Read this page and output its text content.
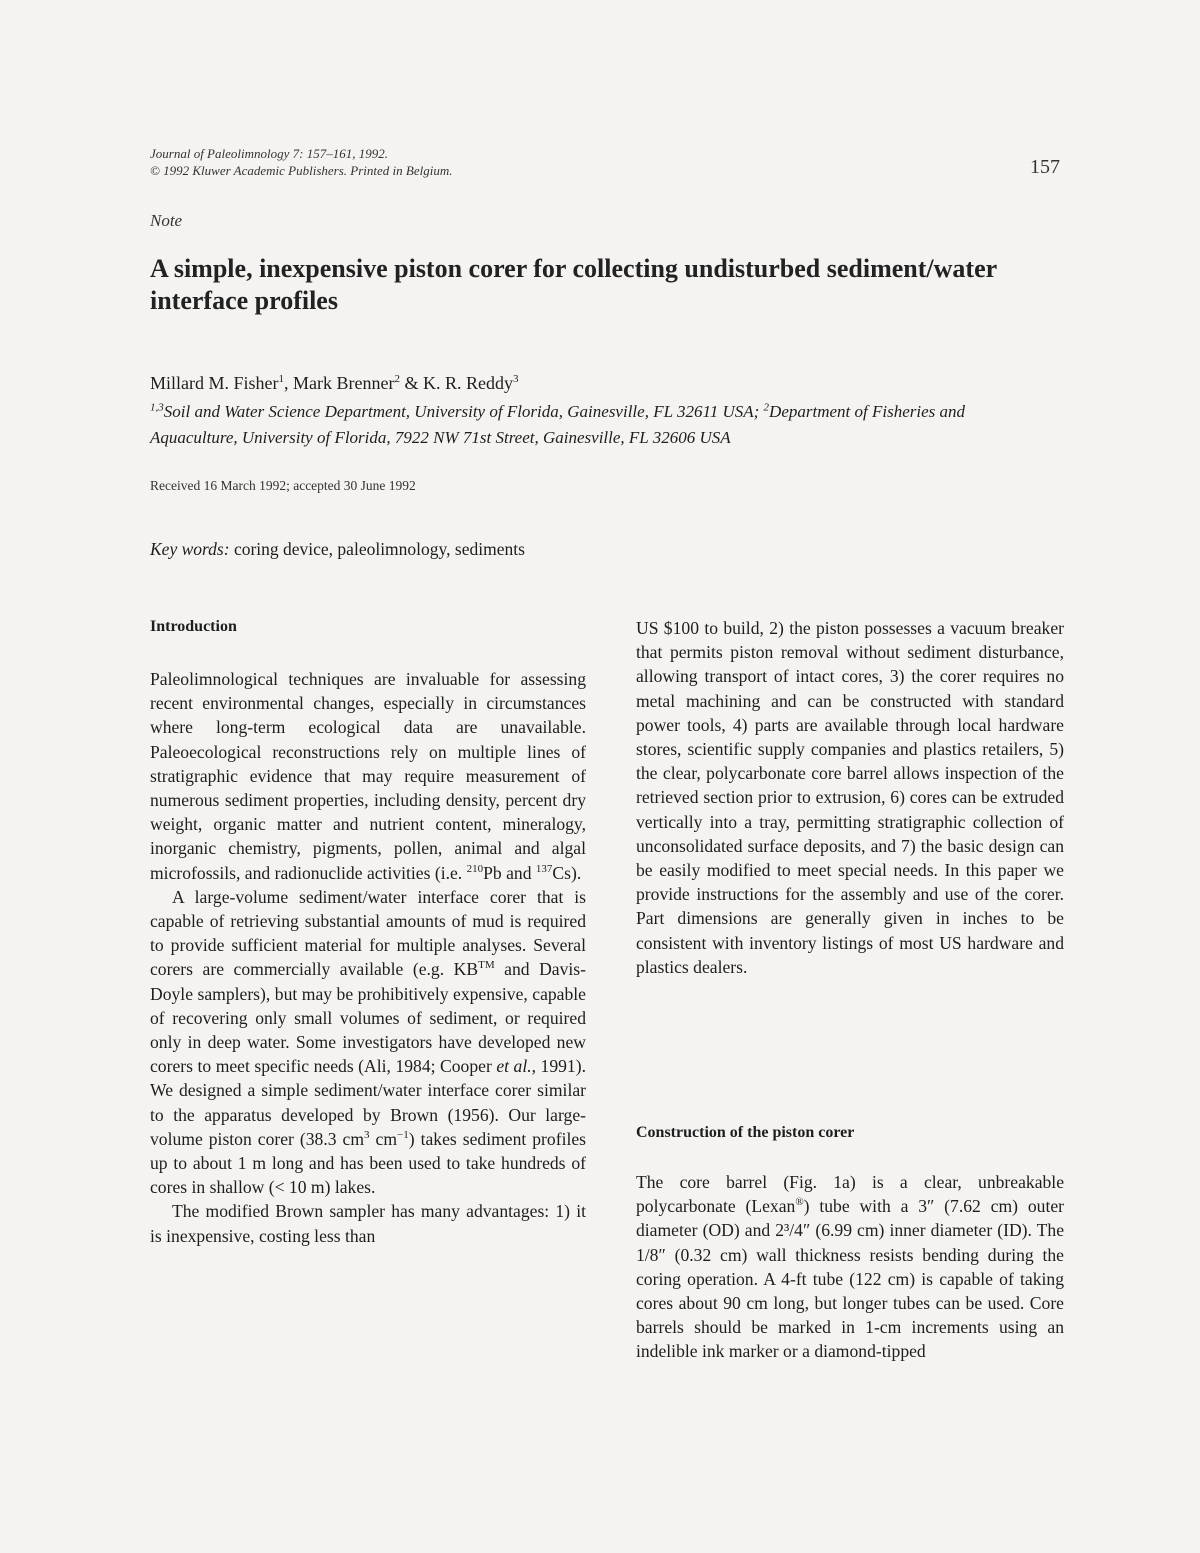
Journal of Paleolimnology 7: 157–161, 1992.
© 1992 Kluwer Academic Publishers. Printed in Belgium.	157
Note
A simple, inexpensive piston corer for collecting undisturbed sediment/water interface profiles
Millard M. Fisher$^1$, Mark Brenner$^2$ & K. R. Reddy$^3$
$^{1,3}$Soil and Water Science Department, University of Florida, Gainesville, FL 32611 USA; $^2$Department of Fisheries and Aquaculture, University of Florida, 7922 NW 71st Street, Gainesville, FL 32606 USA
Received 16 March 1992; accepted 30 June 1992
Key words: coring device, paleolimnology, sediments
Introduction

Paleolimnological techniques are invaluable for assessing recent environmental changes, especially in circumstances where long-term ecological data are unavailable. Paleoecological reconstructions rely on multiple lines of stratigraphic evidence that may require measurement of numerous sediment properties, including density, percent dry weight, organic matter and nutrient content, mineralogy, inorganic chemistry, pigments, pollen, animal and algal microfossils, and radionuclide activities (i.e. $^{210}$Pb and $^{137}$Cs).

A large-volume sediment/water interface corer that is capable of retrieving substantial amounts of mud is required to provide sufficient material for multiple analyses. Several corers are commercially available (e.g. KB™ and Davis-Doyle samplers), but may be prohibitively expensive, capable of recovering only small volumes of sediment, or required only in deep water. Some investigators have developed new corers to meet specific needs (Ali, 1984; Cooper et al., 1991). We designed a simple sediment/water interface corer similar to the apparatus developed by Brown (1956). Our large-volume piston corer (38.3 $cm^3$ $cm^{-1}$) takes sediment profiles up to about 1 m long and has been used to take hundreds of cores in shallow (< 10 m) lakes.

The modified Brown sampler has many advantages: 1) it is inexpensive, costing less than

US $100 to build, 2) the piston possesses a vacuum breaker that permits piston removal without sediment disturbance, allowing transport of intact cores, 3) the corer requires no metal machining and can be constructed with standard power tools, 4) parts are available through local hardware stores, scientific supply companies and plastics retailers, 5) the clear, polycarbonate core barrel allows inspection of the retrieved section prior to extrusion, 6) cores can be extruded vertically into a tray, permitting stratigraphic collection of unconsolidated surface deposits, and 7) the basic design can be easily modified to meet special needs. In this paper we provide instructions for the assembly and use of the corer. Part dimensions are generally given in inches to be consistent with inventory listings of most US hardware and plastics dealers.

Construction of the piston corer

The core barrel (Fig. 1a) is a clear, unbreakable polycarbonate (Lexan®) tube with a 3″ (7.62 cm) outer diameter (OD) and 2³/4″ (6.99 cm) inner diameter (ID). The 1/8″ (0.32 cm) wall thickness resists bending during the coring operation. A 4-ft tube (122 cm) is capable of taking cores about 90 cm long, but longer tubes can be used. Core barrels should be marked in 1-cm increments using an indelible ink marker or a diamond-tipped
